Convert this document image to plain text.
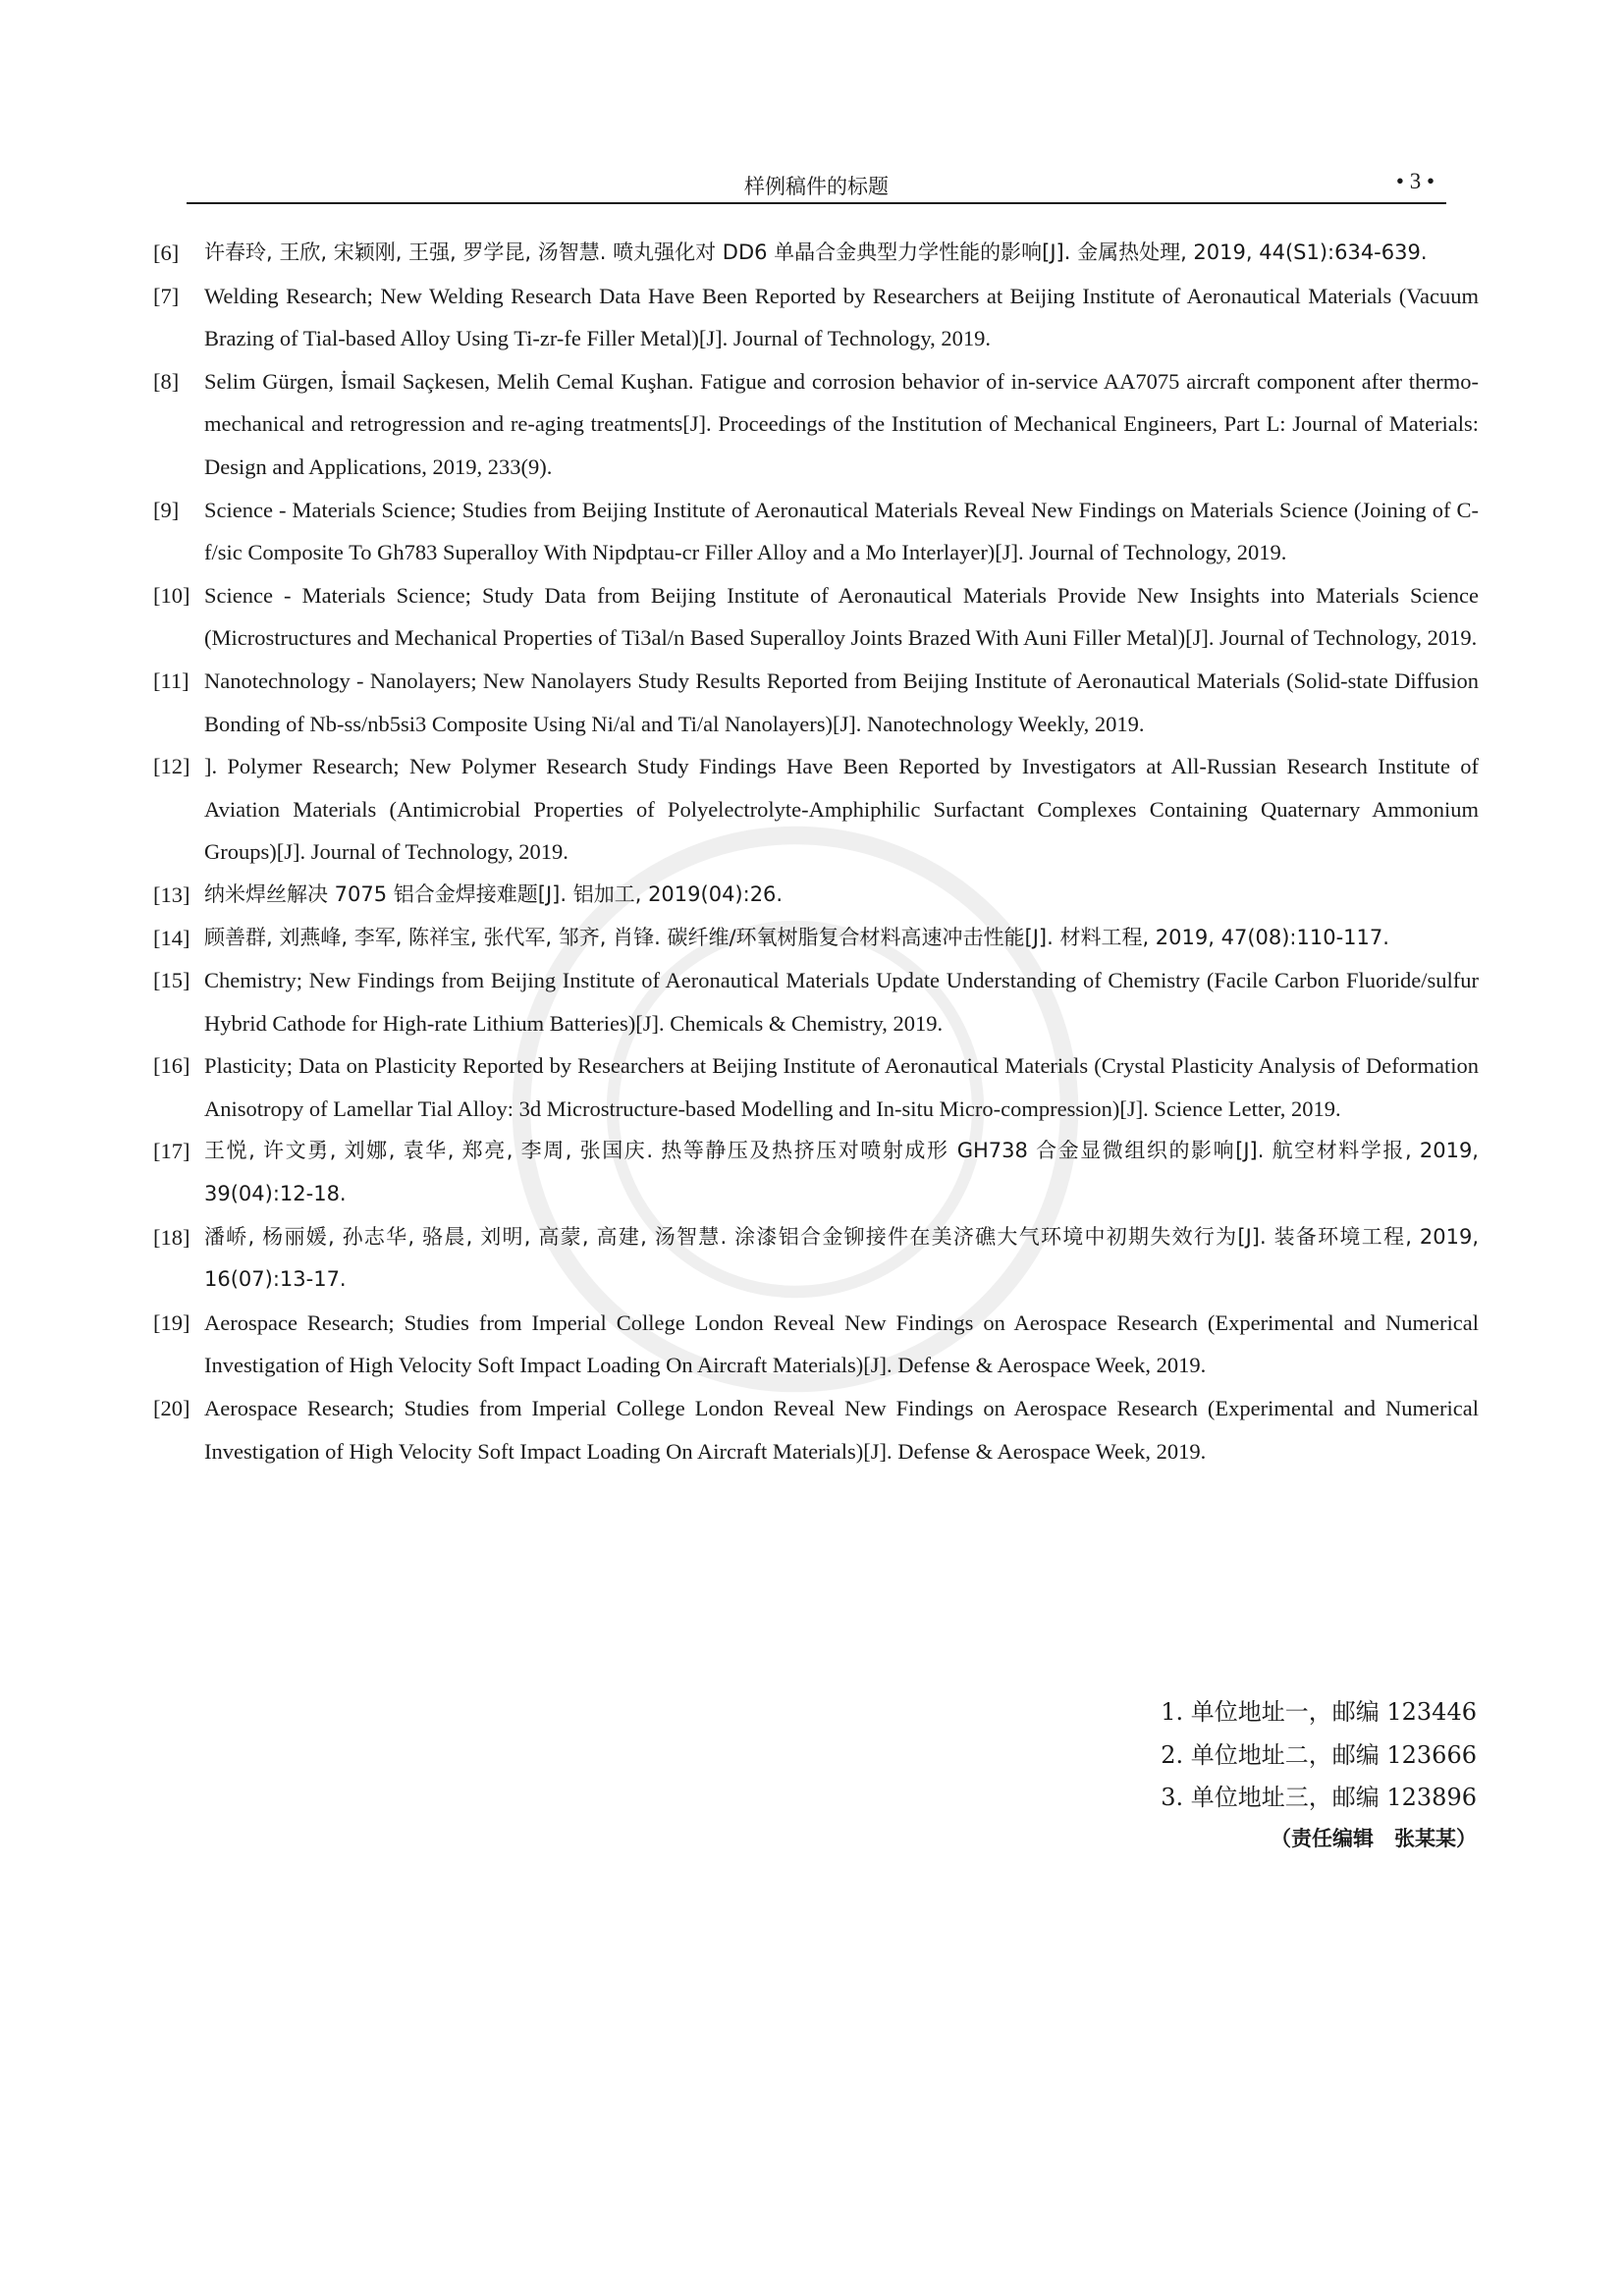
样例稿件的标题	• 3 •
[6]	许春玲, 王欣, 宋颖刚, 王强, 罗学昆, 汤智慧. 喷丸强化对 DD6 单晶合金典型力学性能的影响[J]. 金属热处理, 2019, 44(S1):634-639.
[7]	Welding Research; New Welding Research Data Have Been Reported by Researchers at Beijing Institute of Aeronautical Materials (Vacuum Brazing of Tial-based Alloy Using Ti-zr-fe Filler Metal)[J]. Journal of Technology, 2019.
[8]	Selim Gürgen, İsmail Saçkesen, Melih Cemal Kuşhan. Fatigue and corrosion behavior of in-service AA7075 aircraft component after thermo-mechanical and retrogression and re-aging treatments[J]. Proceedings of the Institution of Mechanical Engineers, Part L: Journal of Materials: Design and Applications, 2019, 233(9).
[9]	Science - Materials Science; Studies from Beijing Institute of Aeronautical Materials Reveal New Findings on Materials Science (Joining of C-f/sic Composite To Gh783 Superalloy With Nipdptau-cr Filler Alloy and a Mo Interlayer)[J]. Journal of Technology, 2019.
[10] Science - Materials Science; Study Data from Beijing Institute of Aeronautical Materials Provide New Insights into Materials Science (Microstructures and Mechanical Properties of Ti3al/n Based Superalloy Joints Brazed With Auni Filler Metal)[J]. Journal of Technology, 2019.
[11] Nanotechnology - Nanolayers; New Nanolayers Study Results Reported from Beijing Institute of Aeronautical Materials (Solid-state Diffusion Bonding of Nb-ss/nb5si3 Composite Using Ni/al and Ti/al Nanolayers)[J]. Nanotechnology Weekly, 2019.
[12] ]. Polymer Research; New Polymer Research Study Findings Have Been Reported by Investigators at All-Russian Research Institute of Aviation Materials (Antimicrobial Properties of Polyelectrolyte-Amphiphilic Surfactant Complexes Containing Quaternary Ammonium Groups)[J]. Journal of Technology, 2019.
[13] 纳米焊丝解决 7075 铝合金焊接难题[J]. 铝加工, 2019(04):26.
[14] 顾善群, 刘燕峰, 李军, 陈祥宝, 张代军, 邹齐, 肖锋. 碳纤维/环氧树脂复合材料高速冲击性能[J]. 材料工程, 2019, 47(08):110-117.
[15] Chemistry; New Findings from Beijing Institute of Aeronautical Materials Update Understanding of Chemistry (Facile Carbon Fluoride/sulfur Hybrid Cathode for High-rate Lithium Batteries)[J]. Chemicals & Chemistry, 2019.
[16] Plasticity; Data on Plasticity Reported by Researchers at Beijing Institute of Aeronautical Materials (Crystal Plasticity Analysis of Deformation Anisotropy of Lamellar Tial Alloy: 3d Microstructure-based Modelling and In-situ Micro-compression)[J]. Science Letter, 2019.
[17] 王悦, 许文勇, 刘娜, 袁华, 郑亮, 李周, 张国庆. 热等静压及热挤压对喷射成形 GH738 合金显微组织的影响[J]. 航空材料学报, 2019, 39(04):12-18.
[18] 潘峤, 杨丽媛, 孙志华, 骆晨, 刘明, 高蒙, 高建, 汤智慧. 涂漆铝合金铆接件在美济礁大气环境中初期失效行为[J]. 装备环境工程, 2019, 16(07):13-17.
[19] Aerospace Research; Studies from Imperial College London Reveal New Findings on Aerospace Research (Experimental and Numerical Investigation of High Velocity Soft Impact Loading On Aircraft Materials)[J]. Defense & Aerospace Week, 2019.
[20] Aerospace Research; Studies from Imperial College London Reveal New Findings on Aerospace Research (Experimental and Numerical Investigation of High Velocity Soft Impact Loading On Aircraft Materials)[J]. Defense & Aerospace Week, 2019.
1. 单位地址一，邮编 123446
2. 单位地址二，邮编 123666
3. 单位地址三，邮编 123896
（责任编辑　张某某）
